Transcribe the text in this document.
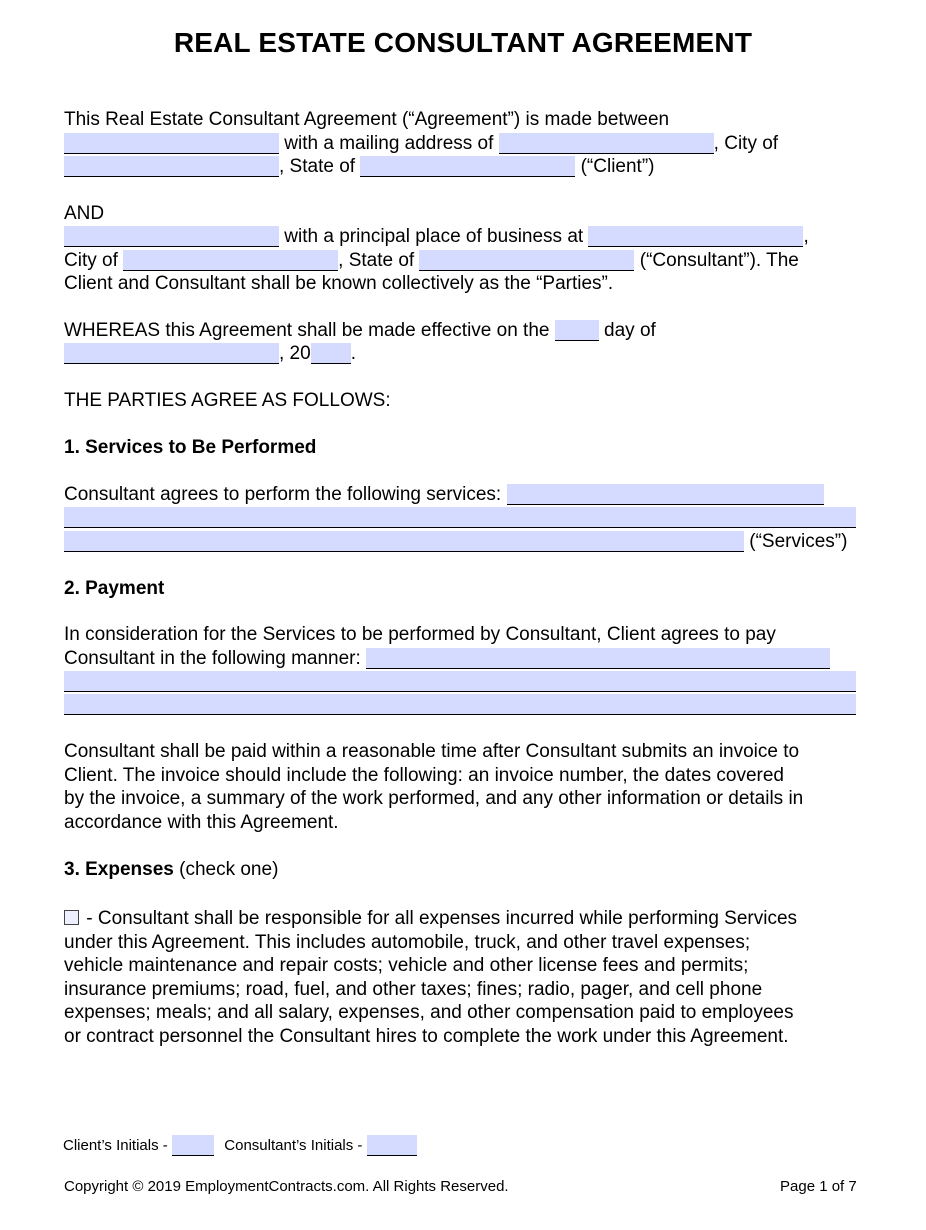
REAL ESTATE CONSULTANT AGREEMENT
This Real Estate Consultant Agreement (“Agreement”) is made between
with a mailing address of	, City of
, State of	(“Client”)
AND
with a principal place of business at	,
City of	, State of	(“Consultant”). The
Client and Consultant shall be known collectively as the “Parties”.
WHEREAS this Agreement shall be made effective on the	day of
, 20 .
THE PARTIES AGREE AS FOLLOWS:
1. Services to Be Performed
Consultant agrees to perform the following services:
(“Services”)
2. Payment
In consideration for the Services to be performed by Consultant, Client agrees to pay
Consultant in the following manner:
Consultant shall be paid within a reasonable time after Consultant submits an invoice to
Client. The invoice should include the following: an invoice number, the dates covered
by the invoice, a summary of the work performed, and any other information or details in
accordance with this Agreement.
3. Expenses (check one)
- Consultant shall be responsible for all expenses incurred while performing Services
under this Agreement. This includes automobile, truck, and other travel expenses;
vehicle maintenance and repair costs; vehicle and other license fees and permits;
insurance premiums; road, fuel, and other taxes; fines; radio, pager, and cell phone
expenses; meals; and all salary, expenses, and other compensation paid to employees
or contract personnel the Consultant hires to complete the work under this Agreement.
Client’s Initials -	Consultant’s Initials -
Copyright © 2019 EmploymentContracts.com. All Rights Reserved.	Page 1 of 7
